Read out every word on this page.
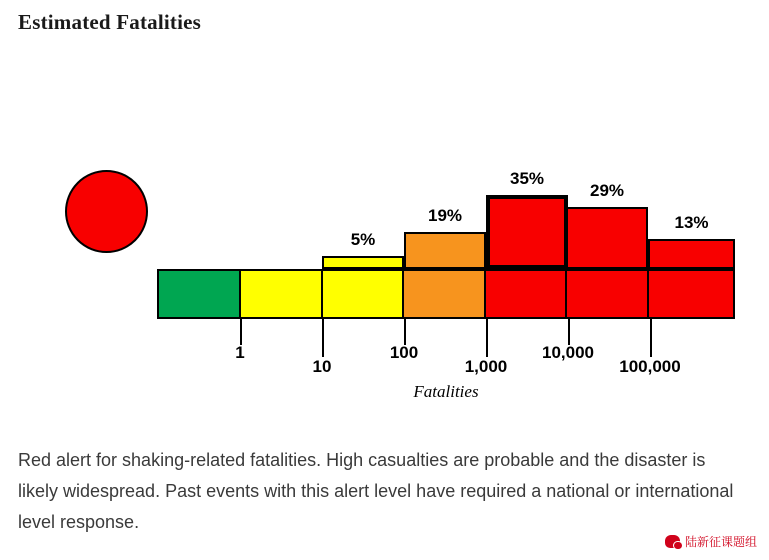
Estimated Fatalities
5%
19%
35%
29%
13%
1
10
100
1,000
10,000
100,000
Fatalities
Red alert for shaking-related fatalities. High casualties are probable and the disaster is likely widespread. Past events with this alert level have required a national or international level response.
陆新征课题组
